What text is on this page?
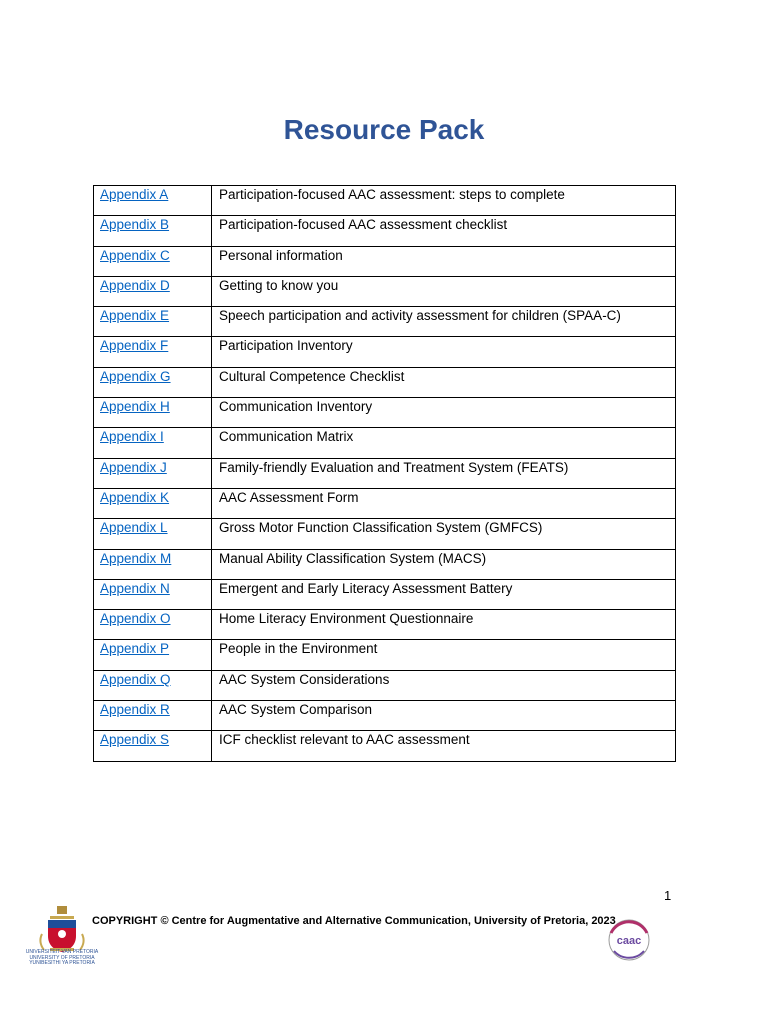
Resource Pack
Appendix A	Participation-focused AAC assessment: steps to complete
Appendix B	Participation-focused AAC assessment checklist
Appendix C	Personal information
Appendix D	Getting to know you
Appendix E	Speech participation and activity assessment for children (SPAA-C)
Appendix F	Participation Inventory
Appendix G	Cultural Competence Checklist
Appendix H	Communication Inventory
Appendix I	Communication Matrix
Appendix J	Family-friendly Evaluation and Treatment System (FEATS)
Appendix K	AAC Assessment Form
Appendix L	Gross Motor Function Classification System (GMFCS)
Appendix M	Manual Ability Classification System (MACS)
Appendix N	Emergent and Early Literacy Assessment Battery
Appendix O	Home Literacy Environment Questionnaire
Appendix P	People in the Environment
Appendix Q	AAC System Considerations
Appendix R	AAC System Comparison
Appendix S	ICF checklist relevant to AAC assessment
1
UNIVERSITEIT VAN PRETORIA
UNIVERSITY OF PRETORIA
YUNIBESITHI YA PRETORIA
COPYRIGHT © Centre for Augmentative and Alternative Communication, University of Pretoria, 2023
caac
